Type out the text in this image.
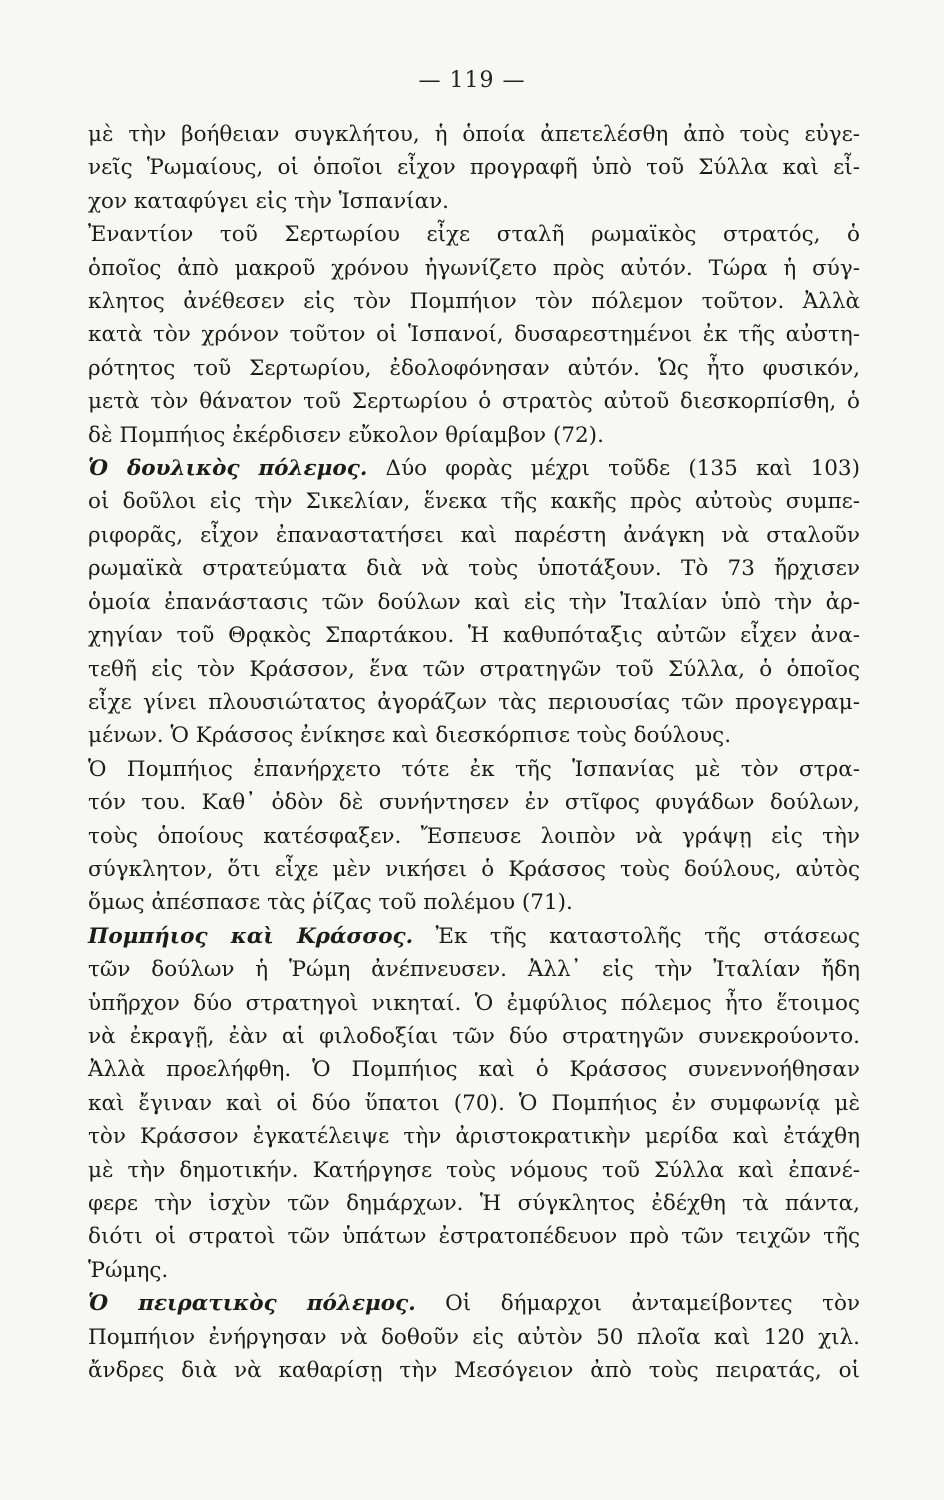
— 119 —
μὲ τὴν βοήθειαν συγκλήτου, ἡ ὁποία ἀπετελέσθη ἀπὸ τοὺς εὐγε-
νεῖς Ῥωμαίους, οἱ ὁποῖοι εἶχον προγραφῆ ὑπὸ τοῦ Σύλλα καὶ εἶ-
χον καταφύγει εἰς τὴν Ἱσπανίαν.
Ἐναντίον τοῦ Σερτωρίου εἶχε σταλῆ ρωμαϊκὸς στρατός, ὁ
ὁποῖος ἀπὸ μακροῦ χρόνου ἠγωνίζετο πρὸς αὐτόν. Τώρα ἡ σύγ-
κλητος ἀνέθεσεν εἰς τὸν Πομπήιον τὸν πόλεμον τοῦτον. Ἀλλὰ
κατὰ τὸν χρόνον τοῦτον οἱ Ἱσπανοί, δυσαρεστημένοι ἐκ τῆς αὐστη-
ρότητος τοῦ Σερτωρίου, ἐδολοφόνησαν αὐτόν. Ὡς ἦτο φυσικόν,
μετὰ τὸν θάνατον τοῦ Σερτωρίου ὁ στρατὸς αὐτοῦ διεσκορπίσθη, ὁ
δὲ Πομπήιος ἐκέρδισεν εὔκολον θρίαμβον (72).
Ὁ δουλικὸς πόλεμος. Δύο φορὰς μέχρι τοῦδε (135 καὶ 103)
οἱ δοῦλοι εἰς τὴν Σικελίαν, ἕνεκα τῆς κακῆς πρὸς αὐτοὺς συμπε-
ριφορᾶς, εἶχον ἐπαναστατήσει καὶ παρέστη ἀνάγκη νὰ σταλοῦν
ρωμαϊκὰ στρατεύματα διὰ νὰ τοὺς ὑποτάξουν. Τὸ 73 ἤρχισεν
ὁμοία ἐπανάστασις τῶν δούλων καὶ εἰς τὴν Ἰταλίαν ὑπὸ τὴν ἀρ-
χηγίαν τοῦ Θρᾳκὸς Σπαρτάκου. Ἡ καθυπόταξις αὐτῶν εἶχεν ἀνα-
τεθῆ εἰς τὸν Κράσσον, ἕνα τῶν στρατηγῶν τοῦ Σύλλα, ὁ ὁποῖος
εἶχε γίνει πλουσιώτατος ἀγοράζων τὰς περιουσίας τῶν προγεγραμ-
μένων. Ὁ Κράσσος ἐνίκησε καὶ διεσκόρπισε τοὺς δούλους.
Ὁ Πομπήιος ἐπανήρχετο τότε ἐκ τῆς Ἱσπανίας μὲ τὸν στρα-
τόν του. Καθ᾽ ὁδὸν δὲ συνήντησεν ἐν στῖφος φυγάδων δούλων,
τοὺς ὁποίους κατέσφαξεν. Ἔσπευσε λοιπὸν νὰ γράψῃ εἰς τὴν
σύγκλητον, ὅτι εἶχε μὲν νικήσει ὁ Κράσσος τοὺς δούλους, αὐτὸς
ὅμως ἀπέσπασε τὰς ῥίζας τοῦ πολέμου (71).
Πομπήιος καὶ Κράσσος. Ἐκ τῆς καταστολῆς τῆς στάσεως
τῶν δούλων ἡ Ῥώμη ἀνέπνευσεν. Ἀλλ᾽ εἰς τὴν Ἰταλίαν ἤδη
ὑπῆρχον δύο στρατηγοὶ νικηταί. Ὁ ἐμφύλιος πόλεμος ἦτο ἕτοιμος
νὰ ἐκραγῇ, ἐὰν αἱ φιλοδοξίαι τῶν δύο στρατηγῶν συνεκρούοντο.
Ἀλλὰ προελήφθη. Ὁ Πομπήιος καὶ ὁ Κράσσος συνεννοήθησαν
καὶ ἔγιναν καὶ οἱ δύο ὕπατοι (70). Ὁ Πομπήιος ἐν συμφωνίᾳ μὲ
τὸν Κράσσον ἐγκατέλειψε τὴν ἀριστοκρατικὴν μερίδα καὶ ἐτάχθη
μὲ τὴν δημοτικήν. Κατήργησε τοὺς νόμους τοῦ Σύλλα καὶ ἐπανέ-
φερε τὴν ἰσχὺν τῶν δημάρχων. Ἡ σύγκλητος ἐδέχθη τὰ πάντα,
διότι οἱ στρατοὶ τῶν ὑπάτων ἐστρατοπέδευον πρὸ τῶν τειχῶν τῆς
Ῥώμης.
Ὁ πειρατικὸς πόλεμος. Οἱ δήμαρχοι ἀνταμείβοντες τὸν
Πομπήιον ἐνήργησαν νὰ δοθοῦν εἰς αὐτὸν 50 πλοῖα καὶ 120 χιλ.
ἄνδρες διὰ νὰ καθαρίσῃ τὴν Μεσόγειον ἀπὸ τοὺς πειρατάς, οἱ
